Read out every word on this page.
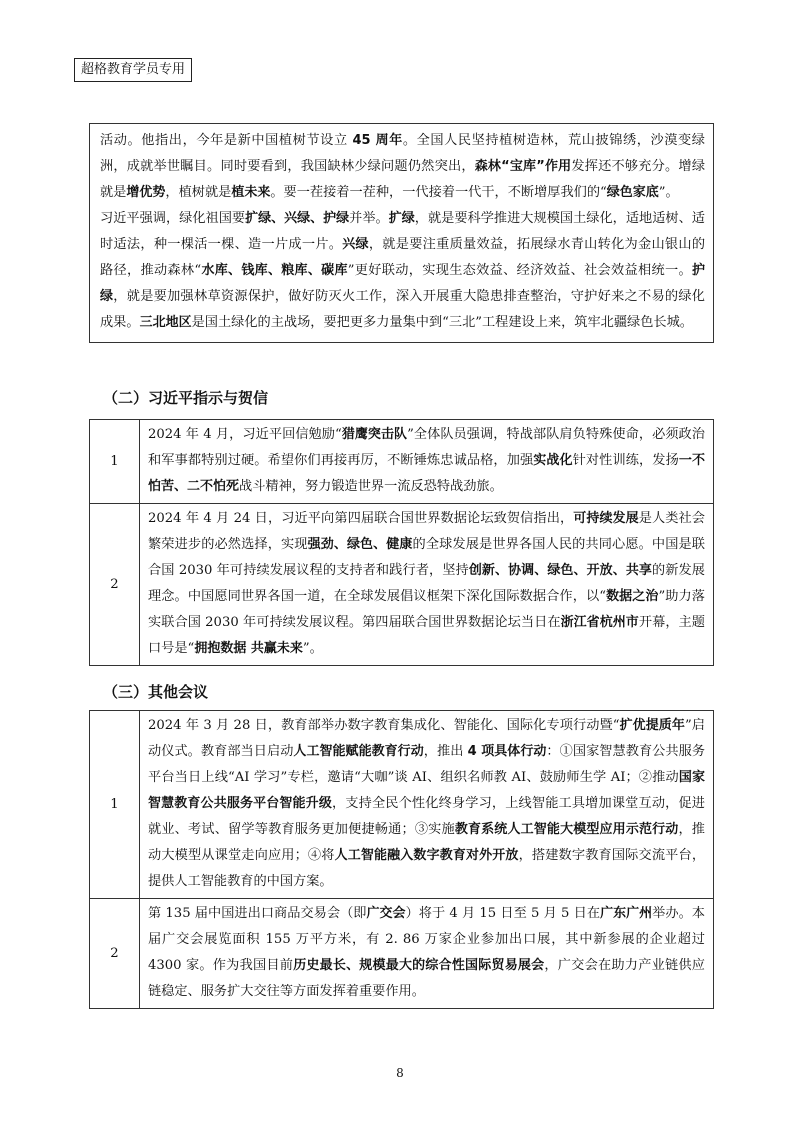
超格教育学员专用
活动。他指出，今年是新中国植树节设立 45 周年。全国人民坚持植树造林，荒山披锦绣，沙漠变绿洲，成就举世瞩目。同时要看到，我国缺林少绿问题仍然突出，森林“宝库”作用发挥还不够充分。增绿就是增优势，植树就是植未来。要一茬接着一茬种，一代接着一代干，不断增厚我们的“绿色家底”。
习近平强调，绿化祖国要扩绿、兴绿、护绿并举。扩绿，就是要科学推进大规模国土绿化，适地适树、适时适法，种一棵活一棵、造一片成一片。兴绿，就是要注重质量效益，拓展绿水青山转化为金山银山的路径，推动森林“水库、钱库、粮库、碳库”更好联动，实现生态效益、经济效益、社会效益相统一。护绿，就是要加强林草资源保护，做好防灭火工作，深入开展重大隐患排查整治，守护好来之不易的绿化成果。三北地区是国土绿化的主战场，要把更多力量集中到“三北”工程建设上来，筑牢北疆绿色长城。
（二）习近平指示与贺信
1	2024 年 4 月，习近平回信勉励“猎鹰突击队”全体队员强调，特战部队肩负特殊使命，必须政治和军事都特别过硬。希望你们再接再厉，不断锤炼忠诚品格，加强实战化针对性训练，发扬一不怕苦、二不怕死战斗精神，努力锻造世界一流反恐特战劲旅。
2	2024 年 4 月 24 日，习近平向第四届联合国世界数据论坛致贺信指出，可持续发展是人类社会繁荣进步的必然选择，实现强劲、绿色、健康的全球发展是世界各国人民的共同心愿。中国是联合国 2030 年可持续发展议程的支持者和践行者，坚持创新、协调、绿色、开放、共享的新发展理念。中国愿同世界各国一道，在全球发展倡议框架下深化国际数据合作，以“数据之治”助力落实联合国 2030 年可持续发展议程。第四届联合国世界数据论坛当日在浙江省杭州市开幕，主题口号是“拥抱数据 共赢未来”。
（三）其他会议
1	2024 年 3 月 28 日，教育部举办数字教育集成化、智能化、国际化专项行动暨“扩优提质年”启动仪式。教育部当日启动人工智能赋能教育行动，推出 4 项具体行动：①国家智慧教育公共服务平台当日上线“AI 学习”专栏，邀请“大咖”谈 AI、组织名师教 AI、鼓励师生学 AI；②推动国家智慧教育公共服务平台智能升级，支持全民个性化终身学习，上线智能工具增加课堂互动，促进就业、考试、留学等教育服务更加便捷畅通；③实施教育系统人工智能大模型应用示范行动，推动大模型从课堂走向应用；④将人工智能融入数字教育对外开放，搭建数字教育国际交流平台，提供人工智能教育的中国方案。
2	第 135 届中国进出口商品交易会（即广交会）将于 4 月 15 日至 5 月 5 日在广东广州举办。本届广交会展览面积 155 万平方米，有 2. 86 万家企业参加出口展，其中新参展的企业超过 4300 家。作为我国目前历史最长、规模最大的综合性国际贸易展会，广交会在助力产业链供应链稳定、服务扩大交往等方面发挥着重要作用。
8
